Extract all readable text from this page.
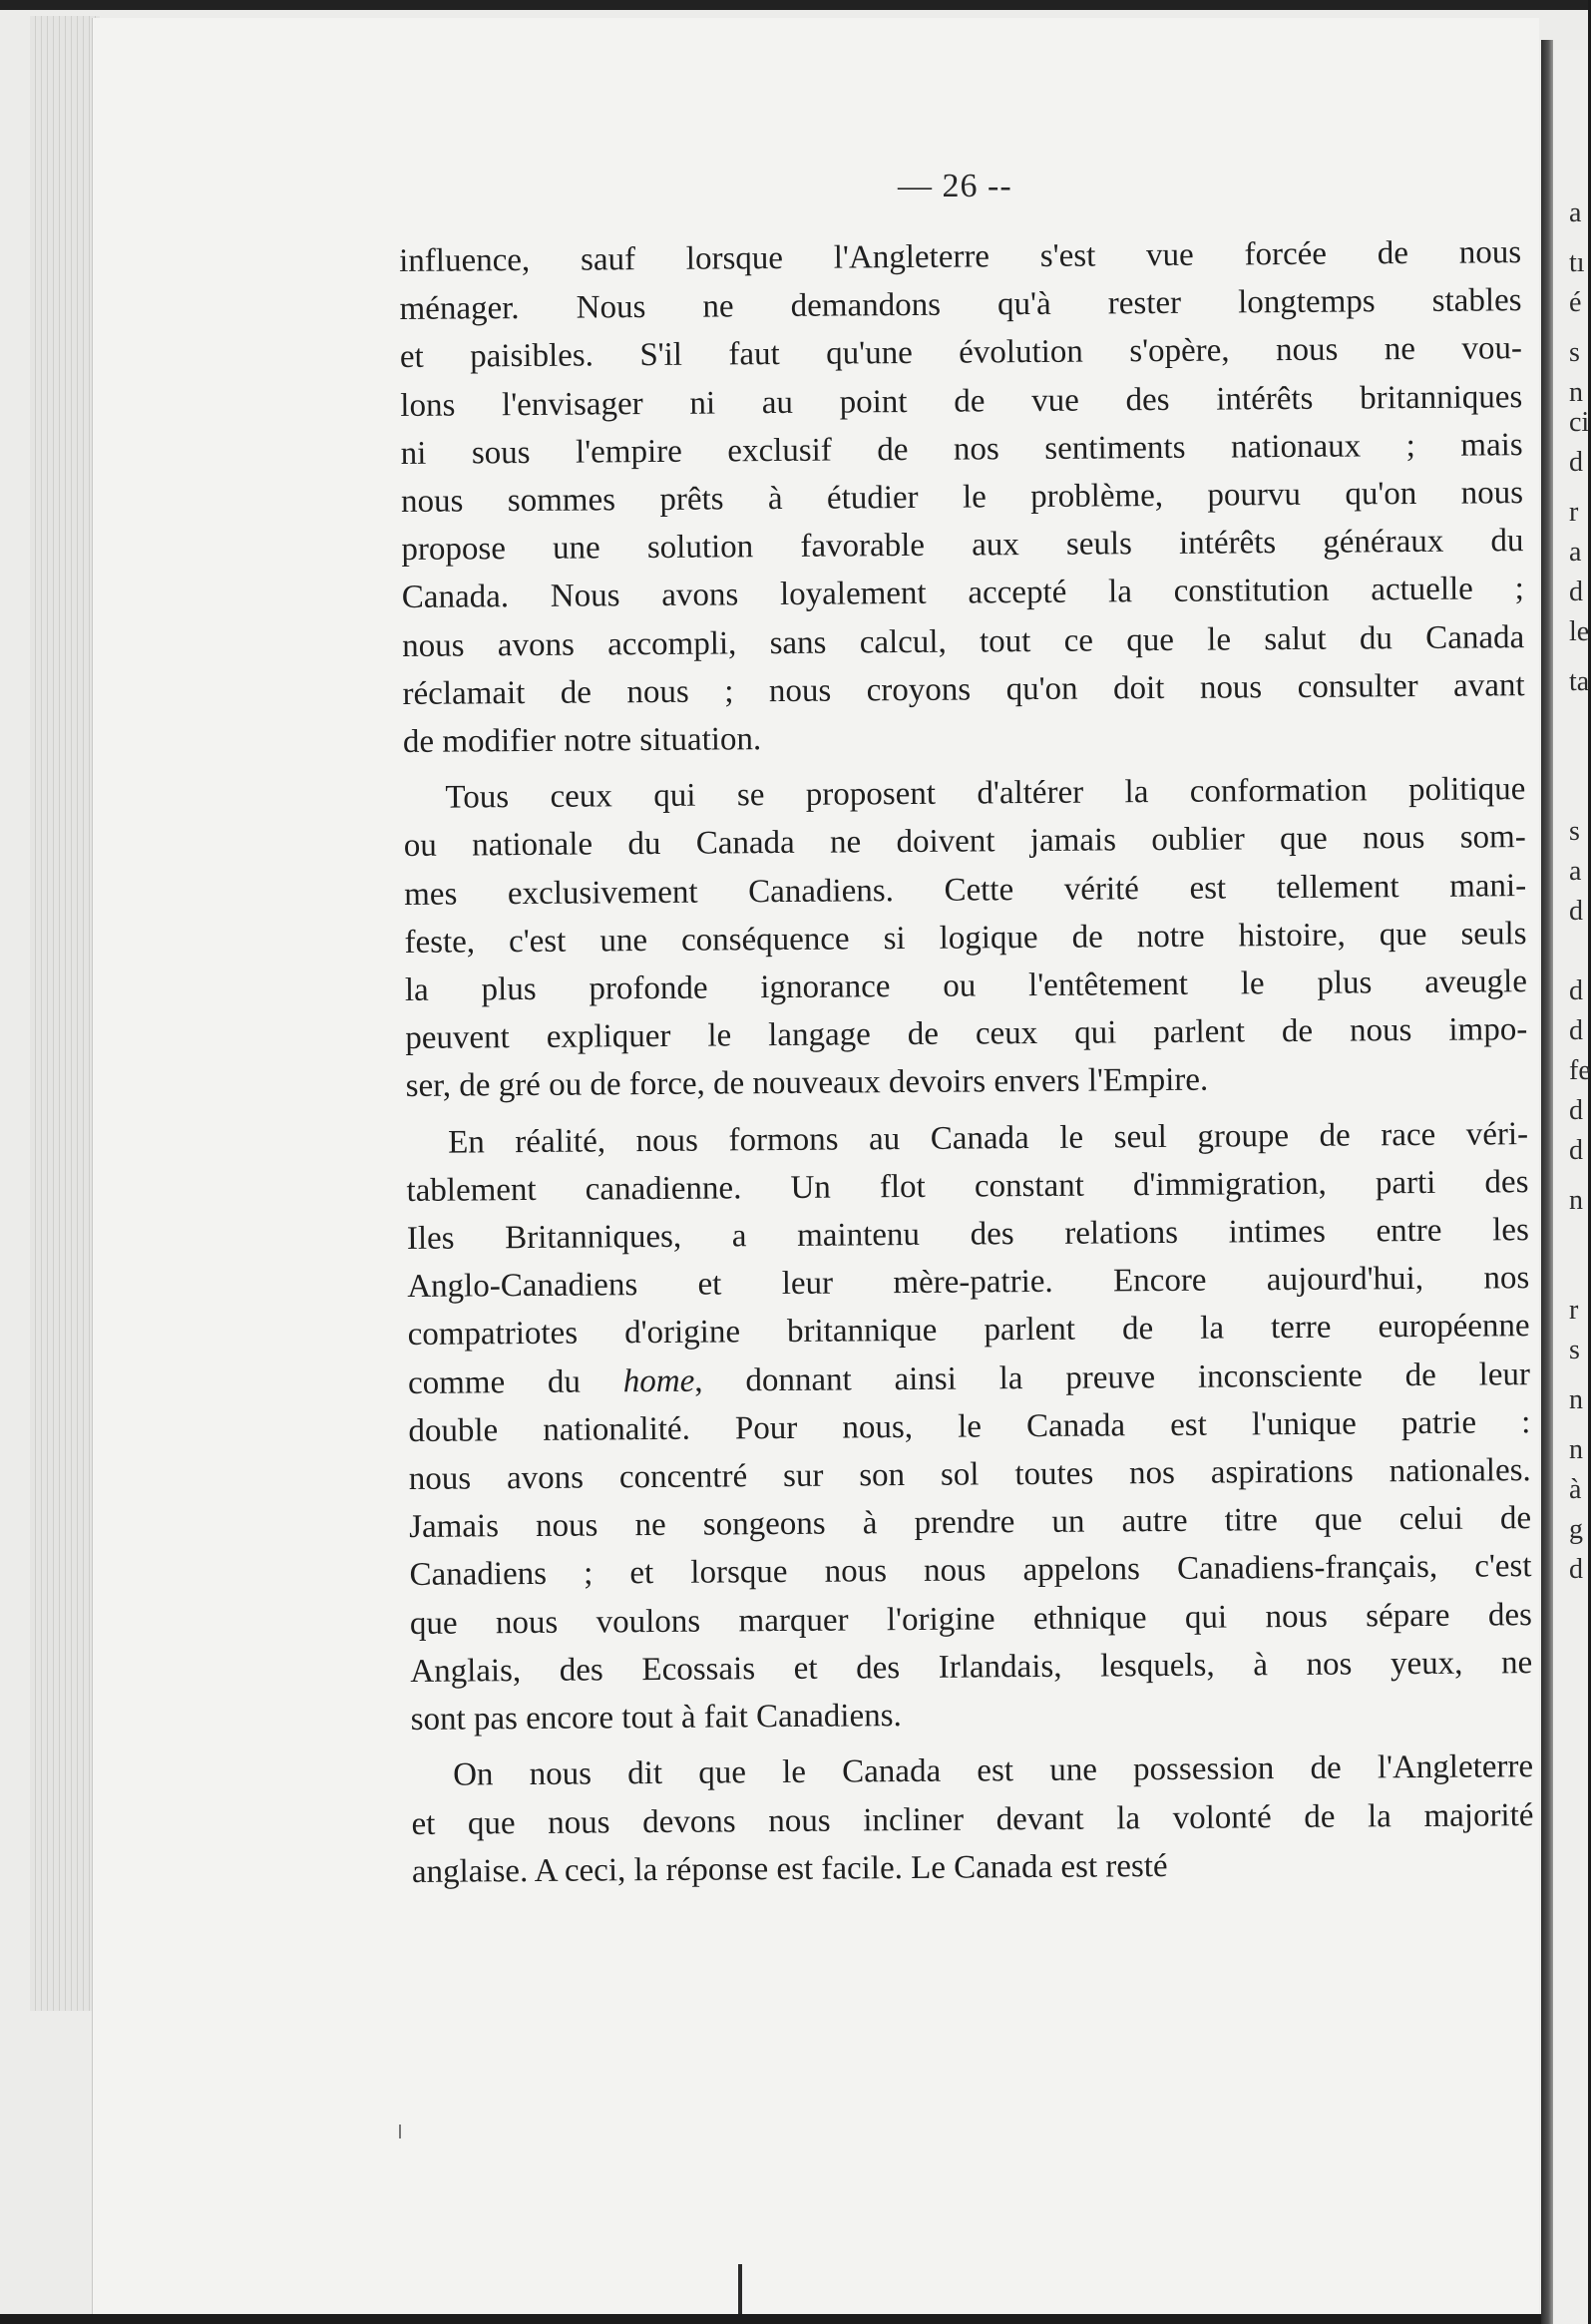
a
tı
é
s
n
ci
d
r
a
d
le
ta
s
a
d
d
d
fe
d
d
n
r
s
n
n
à
g
d
— 26 --

influence, sauf lorsque l'Angleterre s'est vue forcée de nous
ménager. Nous ne demandons qu'à rester longtemps stables
et paisibles. S'il faut qu'une évolution s'opère, nous ne vou-
lons l'envisager ni au point de vue des intérêts britanniques
ni sous l'empire exclusif de nos sentiments nationaux ; mais
nous sommes prêts à étudier le problème, pourvu qu'on nous
propose une solution favorable aux seuls intérêts généraux du
Canada. Nous avons loyalement accepté la constitution actuelle ;
nous avons accompli, sans calcul, tout ce que le salut du Canada
réclamait de nous ; nous croyons qu'on doit nous consulter avant
de modifier notre situation.

Tous ceux qui se proposent d'altérer la conformation politique
ou nationale du Canada ne doivent jamais oublier que nous som-
mes exclusivement Canadiens. Cette vérité est tellement mani-
feste, c'est une conséquence si logique de notre histoire, que seuls
la plus profonde ignorance ou l'entêtement le plus aveugle
peuvent expliquer le langage de ceux qui parlent de nous impo-
ser, de gré ou de force, de nouveaux devoirs envers l'Empire.

En réalité, nous formons au Canada le seul groupe de race véri-
tablement canadienne. Un flot constant d'immigration, parti des
Iles Britanniques, a maintenu des relations intimes entre les
Anglo-Canadiens et leur mère-patrie. Encore aujourd'hui, nos
compatriotes d'origine britannique parlent de la terre européenne
comme du home, donnant ainsi la preuve inconsciente de leur
double nationalité. Pour nous, le Canada est l'unique patrie :
nous avons concentré sur son sol toutes nos aspirations nationales.
Jamais nous ne songeons à prendre un autre titre que celui de
Canadiens ; et lorsque nous nous appelons Canadiens-français, c'est
que nous voulons marquer l'origine ethnique qui nous sépare des
Anglais, des Ecossais et des Irlandais, lesquels, à nos yeux, ne
sont pas encore tout à fait Canadiens.

On nous dit que le Canada est une possession de l'Angleterre
et que nous devons nous incliner devant la volonté de la majorité
anglaise. A ceci, la réponse est facile. Le Canada est resté
